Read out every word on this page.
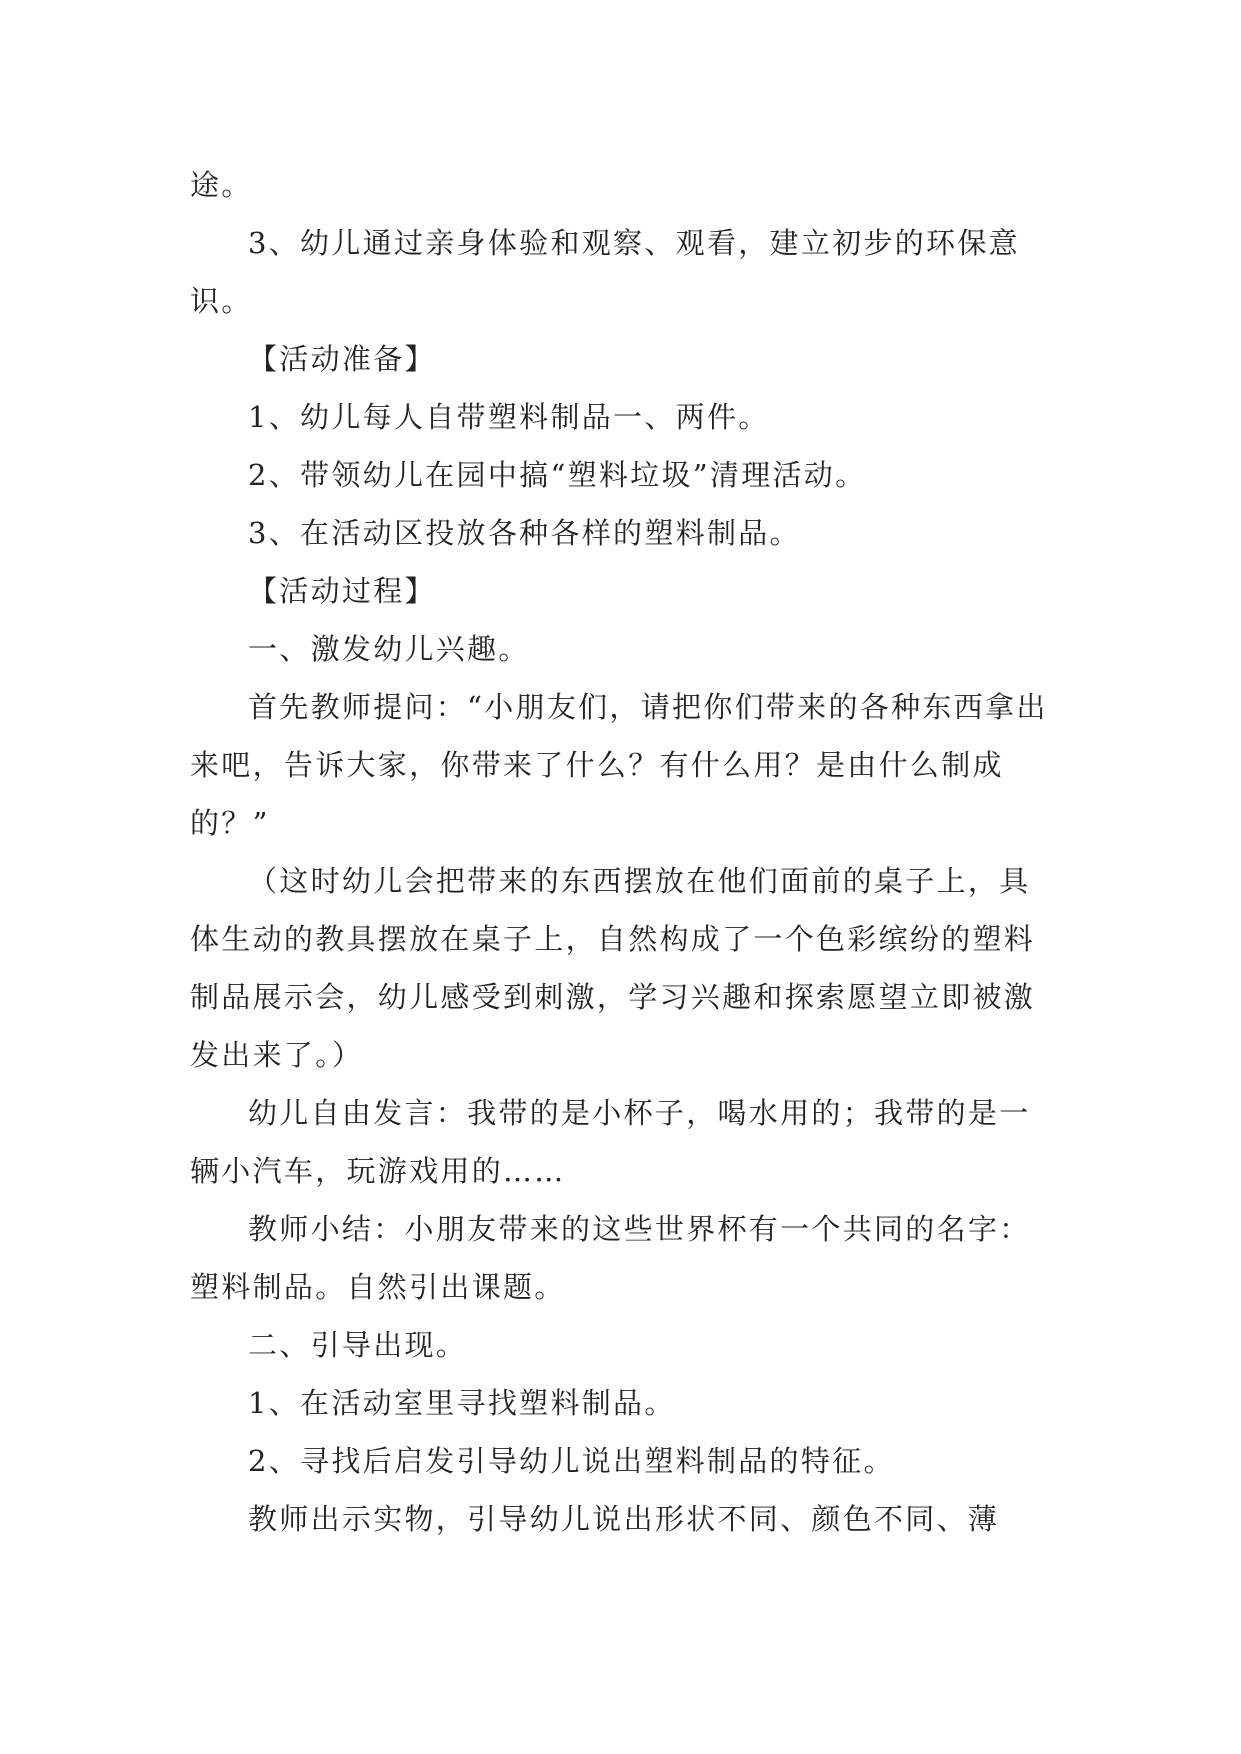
途。

3、幼儿通过亲身体验和观察、观看，建立初步的环保意识。

【活动准备】

1、幼儿每人自带塑料制品一、两件。

2、带领幼儿在园中搞“塑料垃圾”清理活动。

3、在活动区投放各种各样的塑料制品。

【活动过程】

一、激发幼儿兴趣。

首先教师提问：“小朋友们，请把你们带来的各种东西拿出来吧，告诉大家，你带来了什么？有什么用？是由什么制成的？”

（这时幼儿会把带来的东西摆放在他们面前的桌子上，具体生动的教具摆放在桌子上，自然构成了一个色彩缤纷的塑料制品展示会，幼儿感受到刺激，学习兴趣和探索愿望立即被激发出来了。）

幼儿自由发言：我带的是小杯子，喝水用的；我带的是一辆小汽车，玩游戏用的……

教师小结：小朋友带来的这些世界杯有一个共同的名字：塑料制品。自然引出课题。

二、引导出现。

1、在活动室里寻找塑料制品。

2、寻找后启发引导幼儿说出塑料制品的特征。

教师出示实物，引导幼儿说出形状不同、颜色不同、薄
